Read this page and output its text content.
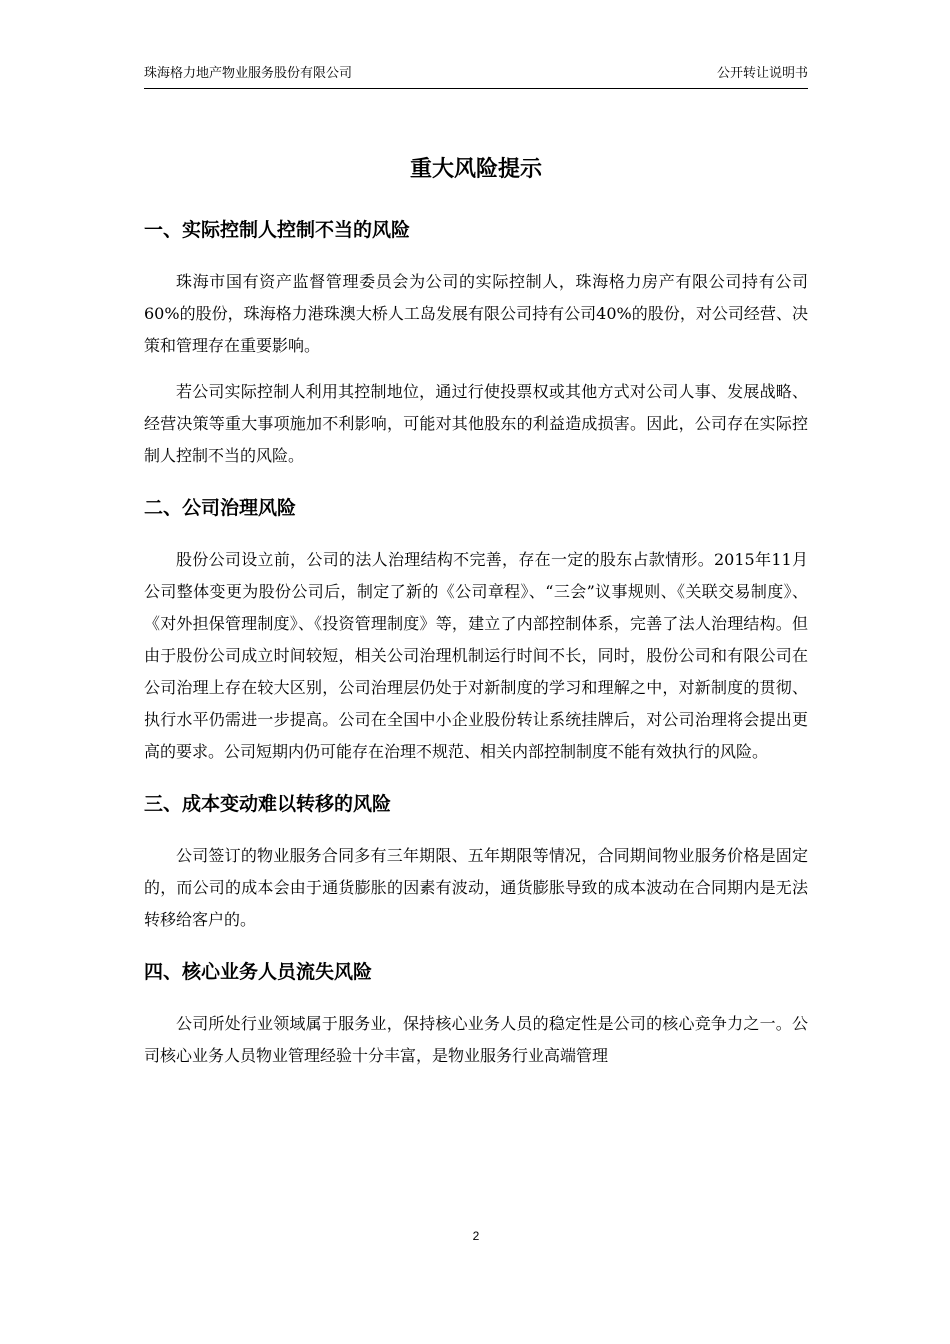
珠海格力地产物业服务股份有限公司	公开转让说明书
重大风险提示
一、实际控制人控制不当的风险

珠海市国有资产监督管理委员会为公司的实际控制人，珠海格力房产有限公司持有公司60%的股份，珠海格力港珠澳大桥人工岛发展有限公司持有公司40%的股份，对公司经营、决策和管理存在重要影响。

若公司实际控制人利用其控制地位，通过行使投票权或其他方式对公司人事、发展战略、经营决策等重大事项施加不利影响，可能对其他股东的利益造成损害。因此，公司存在实际控制人控制不当的风险。

二、公司治理风险

股份公司设立前，公司的法人治理结构不完善，存在一定的股东占款情形。2015年11月公司整体变更为股份公司后，制定了新的《公司章程》、“三会”议事规则、《关联交易制度》、《对外担保管理制度》、《投资管理制度》等，建立了内部控制体系，完善了法人治理结构。但由于股份公司成立时间较短，相关公司治理机制运行时间不长，同时，股份公司和有限公司在公司治理上存在较大区别，公司治理层仍处于对新制度的学习和理解之中，对新制度的贯彻、执行水平仍需进一步提高。公司在全国中小企业股份转让系统挂牌后，对公司治理将会提出更高的要求。公司短期内仍可能存在治理不规范、相关内部控制制度不能有效执行的风险。

三、成本变动难以转移的风险

公司签订的物业服务合同多有三年期限、五年期限等情况，合同期间物业服务价格是固定的，而公司的成本会由于通货膨胀的因素有波动，通货膨胀导致的成本波动在合同期内是无法转移给客户的。

四、核心业务人员流失风险

公司所处行业领域属于服务业，保持核心业务人员的稳定性是公司的核心竞争力之一。公司核心业务人员物业管理经验十分丰富，是物业服务行业高端管理

2
